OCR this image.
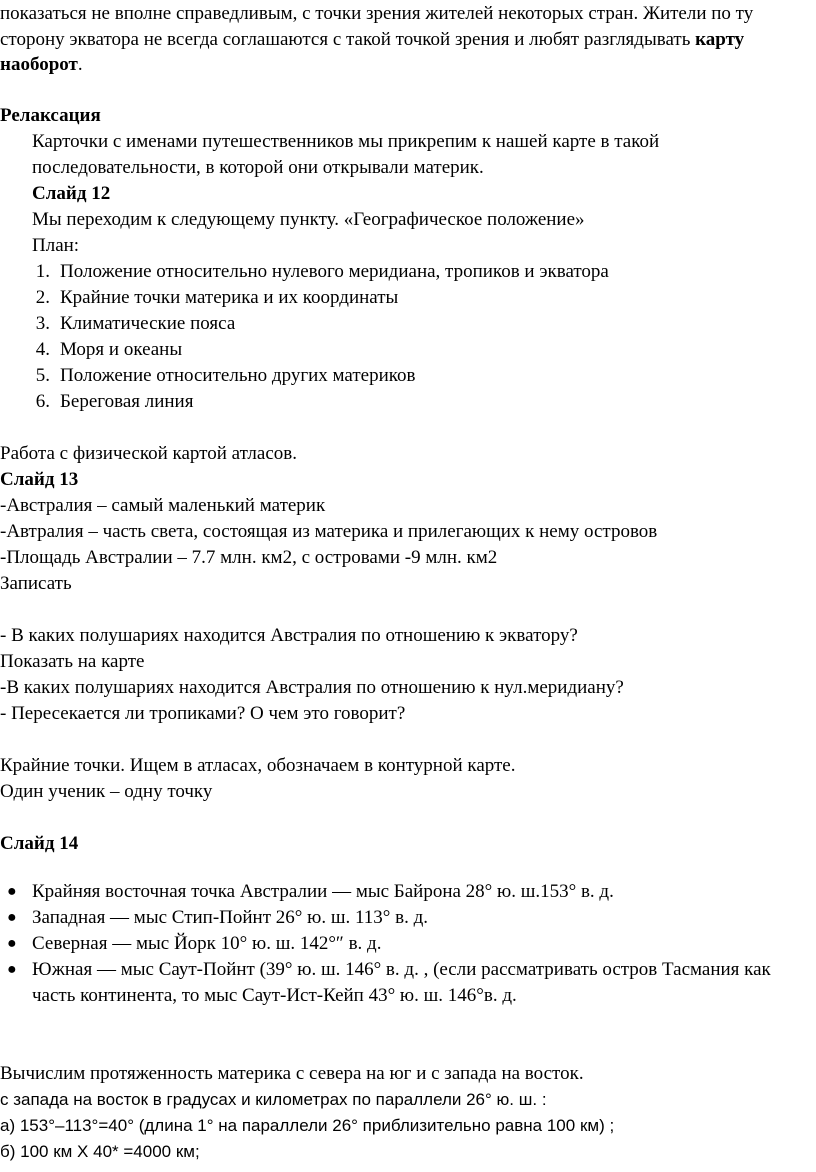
показаться не вполне справедливым, с точки зрения жителей некоторых стран. Жители по ту
сторону экватора не всегда соглашаются с такой точкой зрения и любят разглядывать карту
наоборот.
Релаксация
Карточки с именами путешественников мы прикрепим к нашей карте в такой
последовательности, в которой они открывали материк.
Слайд 12
Мы переходим к следующему пункту. «Географическое положение»
План:
1. Положение относительно нулевого меридиана, тропиков и экватора
2. Крайние точки материка и их координаты
3. Климатические пояса
4. Моря и океаны
5. Положение относительно других материков
6. Береговая линия
Работа с физической картой атласов.
Слайд 13
-Австралия – самый маленький материк
-Автралия – часть света, состоящая из материка и прилегающих к нему островов
-Площадь Австралии – 7.7 млн. км2, с островами -9 млн. км2
Записать
- В каких полушариях находится Австралия по отношению к экватору?
Показать на карте
-В каких полушариях находится Австралия по отношению к нул.меридиану?
- Пересекается ли тропиками? О чем это говорит?
Крайние точки. Ищем в атласах, обозначаем в контурной карте.
Один ученик – одну точку
Слайд 14
● Крайняя восточная точка Австралии — мыс Байрона 28° ю. ш.153° в. д.
● Западная — мыс Стип-Пойнт 26° ю. ш. 113° в. д.
● Северная — мыс Йорк 10° ю. ш. 142°″ в. д.
● Южная — мыс Саут-Пойнт (39° ю. ш. 146° в. д. , (если рассматривать остров Тасмания как
часть континента, то мыс Саут-Ист-Кейп 43° ю. ш. 146°в. д.
Вычислим протяженность материка с севера на юг и с запада на восток.
с запада на восток в градусах и километрах по параллели 26° ю. ш. :
а) 153°–113°=40° (длина 1° на параллели 26° приблизительно равна 100 км) ;
б) 100 км Х 40* =4000 км;
